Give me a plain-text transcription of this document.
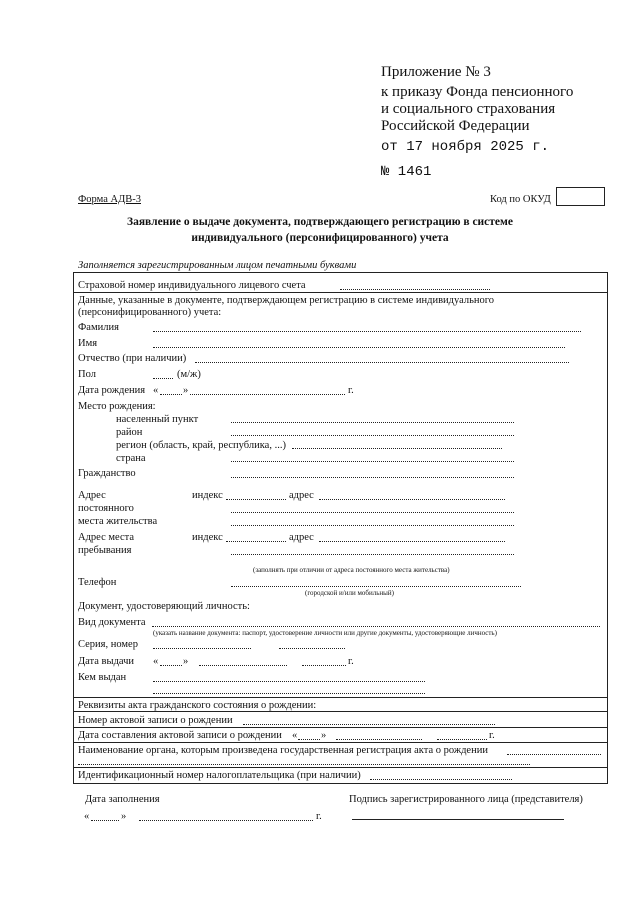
Приложение № 3
к приказу Фонда пенсионного
и социального страхования
Российской Федерации
от 17 ноября 2025 г.
№ 1461
Форма АДВ-3	Код по ОКУД
Заявление о выдаче документа, подтверждающего регистрацию в системе
индивидуального (персонифицированного) учета
Заполняется зарегистрированным лицом печатными буквами
Страховой номер индивидуального лицевого счета
Данные, указанные в документе, подтверждающем регистрацию в системе индивидуального
(персонифицированного) учета:
Фамилия
Имя
Отчество (при наличии)
Пол	(м/ж)
Дата рождения « »	г.
Место рождения:
населенный пункт
район
регион (область, край, республика, ...)
страна
Гражданство
Адрес
постоянного
места жительства
индекс	адрес
Адрес места
пребывания
индекс	адрес
(заполнять при отличии от адреса постоянного места жительства)
Телефон
(городской и/или мобильный)
Документ, удостоверяющий личность:
Вид документа
(указать название документа: паспорт, удостоверение личности или другие документы, удостоверяющие личность)
Серия, номер
Дата выдачи « »	г.
Кем выдан
Реквизиты акта гражданского состояния о рождении:
Номер актовой записи о рождении
Дата составления актовой записи о рождении « »	г.
Наименование органа, которым произведена государственная регистрация акта о рождении
Идентификационный номер налогоплательщика (при наличии)
Дата заполнения	Подпись зарегистрированного лица (представителя)
«	»	г.
